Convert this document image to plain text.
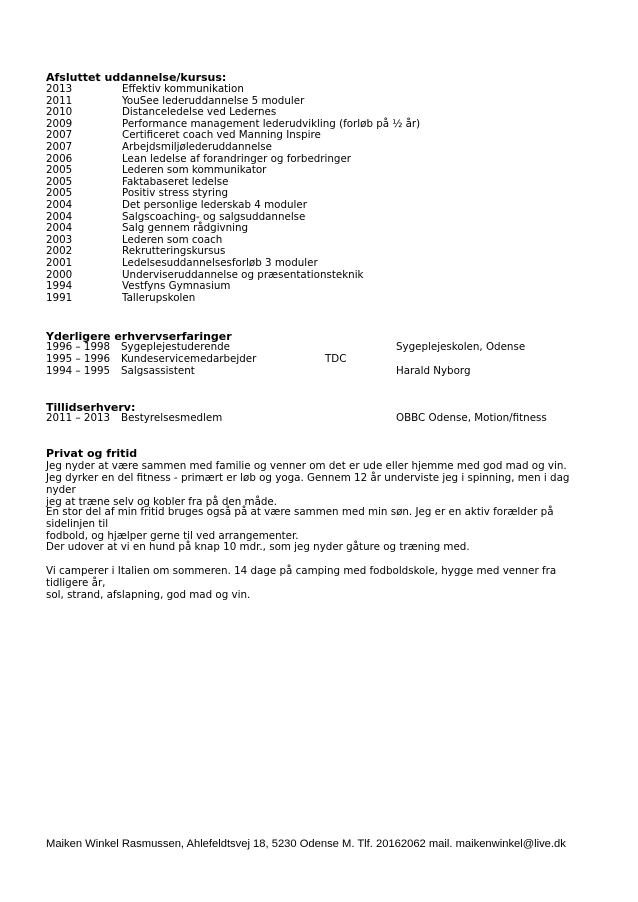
Afsluttet uddannelse/kursus:
2013	Effektiv kommunikation
2011	YouSee lederuddannelse 5 moduler
2010	Distanceledelse ved Ledernes
2009	Performance management lederudvikling (forløb på ½ år)
2007	Certificeret coach ved Manning Inspire
2007	Arbejdsmiljølederuddannelse
2006	Lean ledelse af forandringer og forbedringer
2005	Lederen som kommunikator
2005	Faktabaseret ledelse
2005	Positiv stress styring
2004	Det personlige lederskab 4 moduler
2004	Salgscoaching- og salgsuddannelse
2004	Salg gennem rådgivning
2003	Lederen som coach
2002	Rekrutteringskursus
2001	Ledelsesuddannelsesforløb 3 moduler
2000	Underviseruddannelse og præsentationsteknik
1994	Vestfyns Gymnasium
1991	Tallerupskolen
Yderligere erhvervserfaringer
1996 – 1998 Sygeplejestuderende	Sygeplejeskolen, Odense
1995 – 1996 Kundeservicemedarbejder	TDC
1994 – 1995 Salgsassistent	Harald Nyborg
Tillidserhverv:
2011 – 2013 Bestyrelsesmedlem	OBBC Odense, Motion/fitness
Privat og fritid
Jeg nyder at være sammen med familie og venner om det er ude eller hjemme med god mad og vin.
Jeg dyrker en del fitness - primært er løb og yoga. Gennem 12 år underviste jeg i spinning, men i dag nyder
jeg at træne selv og kobler fra på den måde.
En stor del af min fritid bruges også på at være sammen med min søn. Jeg er en aktiv forælder på sidelinjen til
fodbold, og hjælper gerne til ved arrangementer.
Der udover at vi en hund på knap 10 mdr., som jeg nyder gåture og træning med.
Vi camperer i Italien om sommeren. 14 dage på camping med fodboldskole, hygge med venner fra tidligere år,
sol, strand, afslapning, god mad og vin.
Maiken Winkel Rasmussen, Ahlefeldtsvej 18, 5230 Odense M. Tlf. 20162062 mail. maikenwinkel@live.dk
